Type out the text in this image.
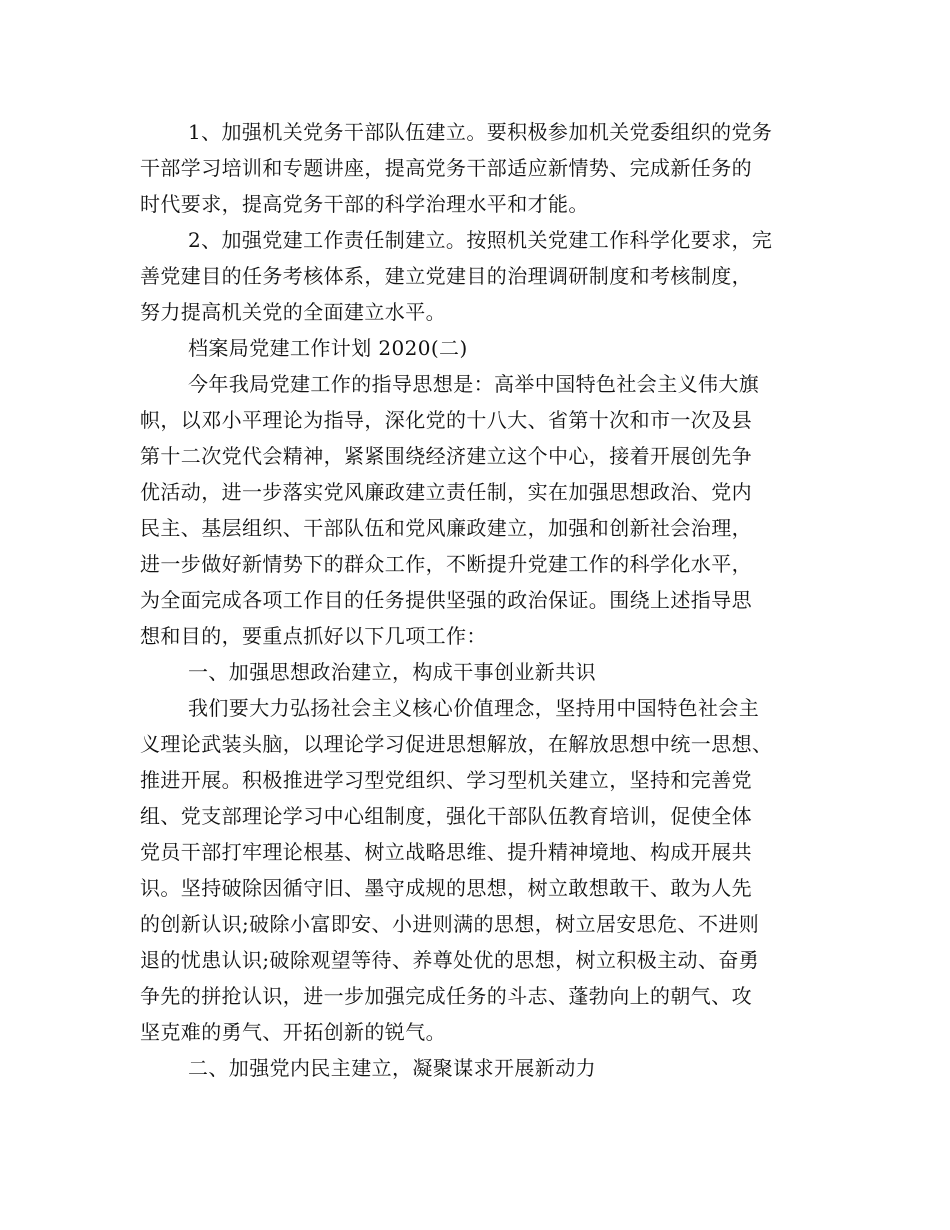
1、加强机关党务干部队伍建立。要积极参加机关党委组织的党务
干部学习培训和专题讲座，提高党务干部适应新情势、完成新任务的
时代要求，提高党务干部的科学治理水平和才能。
2、加强党建工作责任制建立。按照机关党建工作科学化要求，完
善党建目的任务考核体系，建立党建目的治理调研制度和考核制度，
努力提高机关党的全面建立水平。
档案局党建工作计划 2020(二)
今年我局党建工作的指导思想是：高举中国特色社会主义伟大旗
帜，以邓小平理论为指导，深化党的十八大、省第十次和市一次及县
第十二次党代会精神，紧紧围绕经济建立这个中心，接着开展创先争
优活动，进一步落实党风廉政建立责任制，实在加强思想政治、党内
民主、基层组织、干部队伍和党风廉政建立，加强和创新社会治理，
进一步做好新情势下的群众工作，不断提升党建工作的科学化水平，
为全面完成各项工作目的任务提供坚强的政治保证。围绕上述指导思
想和目的，要重点抓好以下几项工作：
一、加强思想政治建立，构成干事创业新共识
我们要大力弘扬社会主义核心价值理念，坚持用中国特色社会主
义理论武装头脑，以理论学习促进思想解放，在解放思想中统一思想、
推进开展。积极推进学习型党组织、学习型机关建立，坚持和完善党
组、党支部理论学习中心组制度，强化干部队伍教育培训，促使全体
党员干部打牢理论根基、树立战略思维、提升精神境地、构成开展共
识。坚持破除因循守旧、墨守成规的思想，树立敢想敢干、敢为人先
的创新认识;破除小富即安、小进则满的思想，树立居安思危、不进则
退的忧患认识;破除观望等待、养尊处优的思想，树立积极主动、奋勇
争先的拼抢认识，进一步加强完成任务的斗志、蓬勃向上的朝气、攻
坚克难的勇气、开拓创新的锐气。
二、加强党内民主建立，凝聚谋求开展新动力
